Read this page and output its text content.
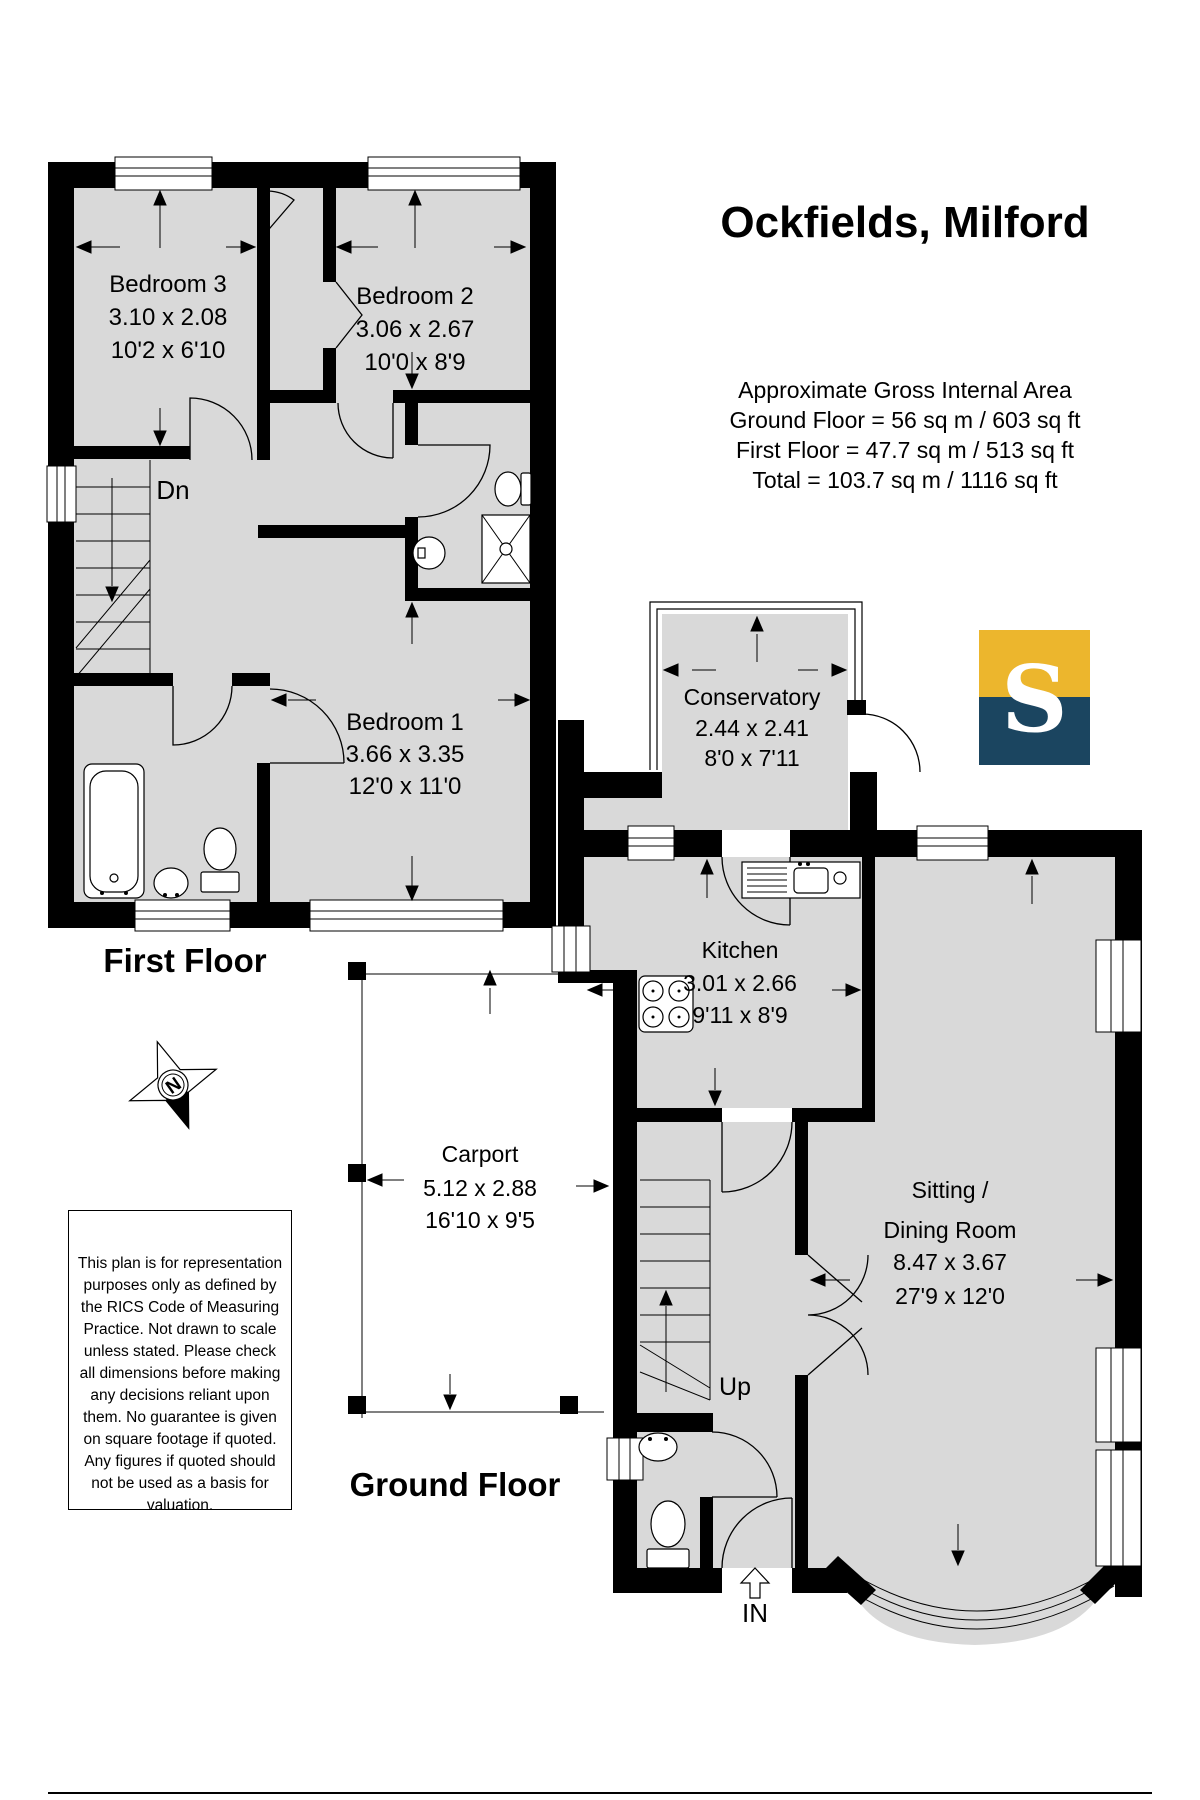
N
Ockfields, Milford
Approximate Gross Internal Area
Ground Floor = 56 sq m / 603 sq ft
First Floor = 47.7 sq m / 513 sq ft
Total = 103.7 sq m / 1116 sq ft
Bedroom 3
3.10 x 2.08
10'2 x 6'10
Bedroom 2
3.06 x 2.67
10'0 x 8'9
Dn
Bedroom 1
3.66 x 3.35
12'0 x 11'0
First Floor
Conservatory
2.44 x 2.41
8'0 x 7'11
Kitchen
3.01 x 2.66
9'11 x 8'9
Sitting /
Dining Room
8.47 x 3.67
27'9 x 12'0
Carport
5.12 x 2.88
16'10 x 9'5
Up
IN
Ground Floor
S

This plan is for representation purposes only as defined by the RICS Code of Measuring Practice. Not drawn to scale unless stated. Please check all dimensions before making any decisions reliant upon them. No guarantee is given on square footage if quoted. Any figures if quoted should not be used as a basis for valuation.
